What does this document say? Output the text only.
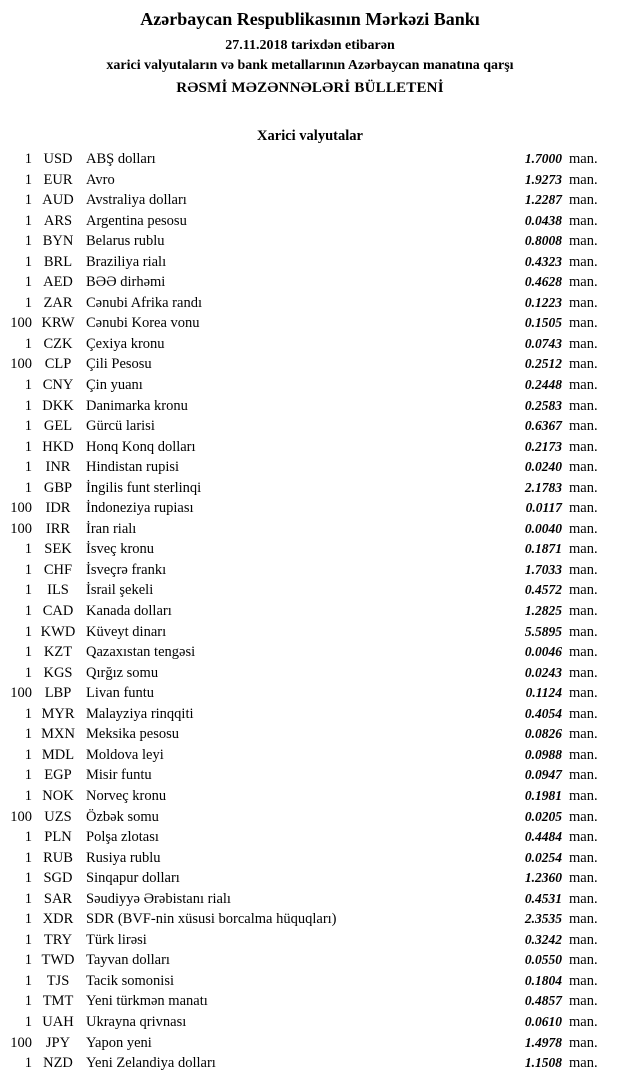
Azərbaycan Respublikasının Mərkəzi Bankı
27.11.2018 tarixdən etibarən
xarici valyutaların və bank metallarının Azərbaycan manatına qarşı
RƏSMİ MƏZƏNNƏLƏRİ BÜLLETENİ
Xarici valyutalar
1 USD ABŞ dolları	1.7000 man.
1 EUR Avro	1.9273 man.
1 AUD Avstraliya dolları	1.2287 man.
1 ARS Argentina pesosu	0.0438 man.
1 BYN Belarus rublu	0.8008 man.
1 BRL Braziliya rialı	0.4323 man.
1 AED BƏƏ dirhəmi	0.4628 man.
1 ZAR Cənubi Afrika randı	0.1223 man.
100 KRW Cənubi Korea vonu	0.1505 man.
1 CZK Çexiya kronu	0.0743 man.
100 CLP	Çili Pesosu	0.2512 man.
1 CNY Çin yuanı	0.2448 man.
1 DKK Danimarka kronu	0.2583 man.
1 GEL Gürcü larisi	0.6367 man.
1 HKD Honq Konq dolları	0.2173 man.
1 INR	Hindistan rupisi	0.0240 man.
1 GBP İngilis funt sterlinqi	2.1783 man.
100 IDR	İndoneziya rupiası	0.0117 man.
100 IRR	İran rialı	0.0040 man.
1 SEK İsveç kronu	0.1871 man.
1 CHF İsveçrə frankı	1.7033 man.
1	ILS	İsrail şekeli	0.4572 man.
1 CAD Kanada dolları	1.2825 man.
1 KWD Küveyt dinarı	5.5895 man.
1 KZT Qazaxıstan tengəsi	0.0046 man.
1 KGS Qırğız somu	0.0243 man.
100 LBP	Livan funtu	0.1124 man.
1 MYR Malayziya rinqqiti	0.4054 man.
1 MXN Meksika pesosu	0.0826 man.
1 MDL Moldova leyi	0.0988 man.
1 EGP Misir funtu	0.0947 man.
1 NOK Norveç kronu	0.1981 man.
100 UZS Özbək somu	0.0205 man.
1 PLN Polşa zlotası	0.4484 man.
1 RUB Rusiya rublu	0.0254 man.
1 SGD Sinqapur dolları	1.2360 man.
1 SAR Səudiyyə Ərəbistanı rialı	0.4531 man.
1 XDR SDR (BVF-nin xüsusi borcalma hüquqları)	2.3535 man.
1 TRY Türk lirəsi	0.3242 man.
1 TWD Tayvan dolları	0.0550 man.
1	TJS	Tacik somonisi	0.1804 man.
1 TMT Yeni türkmən manatı	0.4857 man.
1 UAH Ukrayna qrivnası	0.0610 man.
100 JPY	Yapon yeni	1.4978 man.
1 NZD Yeni Zelandiya dolları	1.1508 man.
